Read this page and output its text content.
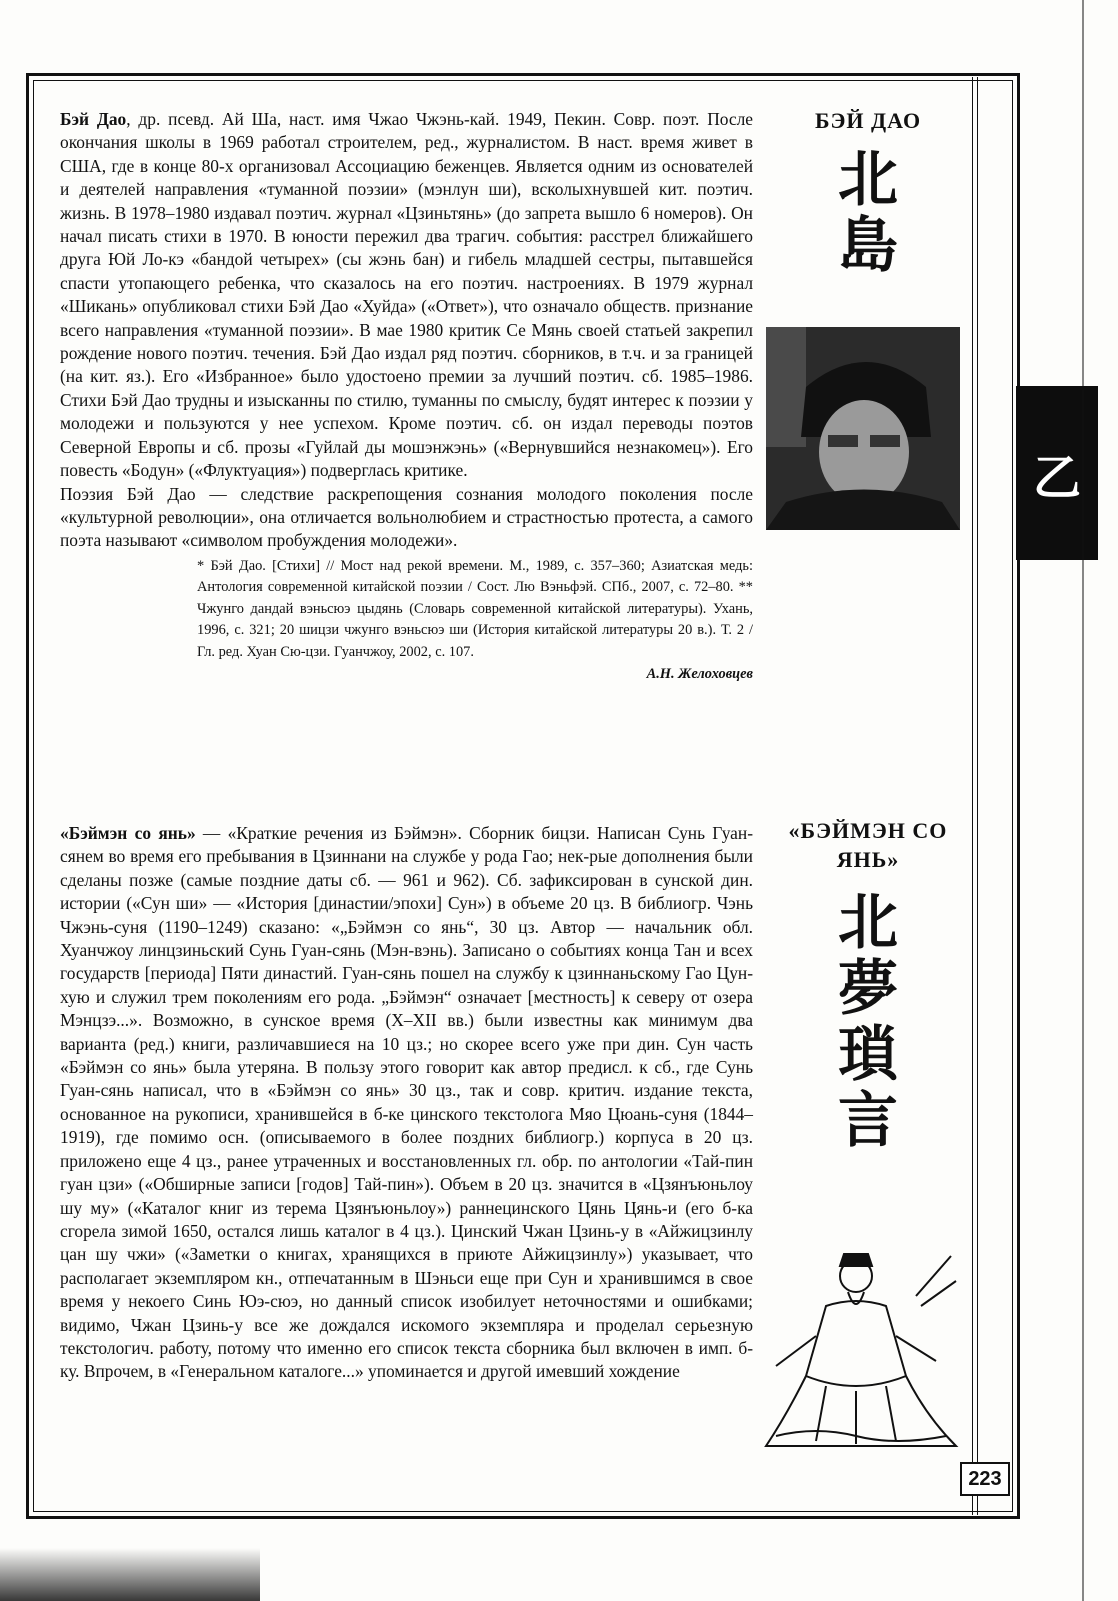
Бэй Дао, др. псевд. Ай Ша, наст. имя Чжао Чжэнь-кай. 1949, Пекин. Совр. поэт. После окончания школы в 1969 работал строителем, ред., журналистом. В наст. время живет в США, где в конце 80-х организовал Ассоциацию беженцев. Является одним из основателей и деятелей направления «туманной поэзии» (мэнлун ши), всколыхнувшей кит. поэтич. жизнь. В 1978–1980 издавал поэтич. журнал «Цзиньтянь» (до запрета вышло 6 номеров). Он начал писать стихи в 1970. В юности пережил два трагич. события: расстрел ближайшего друга Юй Ло-кэ «бандой четырех» (сы жэнь бан) и гибель младшей сестры, пытавшейся спасти утопающего ребенка, что сказалось на его поэтич. настроениях. В 1979 журнал «Шикань» опубликовал стихи Бэй Дао «Хуйда» («Ответ»), что означало обществ. признание всего направления «туманной поэзии». В мае 1980 критик Се Мянь своей статьей закрепил рождение нового поэтич. течения. Бэй Дао издал ряд поэтич. сборников, в т.ч. и за границей (на кит. яз.). Его «Избранное» было удостоено премии за лучший поэтич. сб. 1985–1986. Стихи Бэй Дао трудны и изысканны по стилю, туманны по смыслу, будят интерес к поэзии у молодежи и пользуются у нее успехом. Кроме поэтич. сб. он издал переводы поэтов Северной Европы и сб. прозы «Гуйлай ды мошэнжэнь» («Вернувшийся незнакомец»). Его повесть «Бодун» («Флуктуация») подверглась критике.

Поэзия Бэй Дао — следствие раскрепощения сознания молодого поколения после «культурной революции», она отличается вольнолюбием и страстностью протеста, а самого поэта называют «символом пробуждения молодежи».

* Бэй Дао. [Стихи] // Мост над рекой времени. М., 1989, с. 357–360; Азиатская медь: Антология современной китайской поэзии / Сост. Лю Вэньфэй. СПб., 2007, с. 72–80. ** Чжунго дандай вэньсюэ цыдянь (Словарь современной китайской литературы). Ухань, 1996, с. 321; 20 шицзи чжунго вэньсюэ ши (История китайской литературы 20 в.). Т. 2 / Гл. ред. Хуан Сю-цзи. Гуанчжоу, 2002, с. 107.
А.Н. Желоховцев
БЭЙ ДАО
北
島

«Бэймэн со янь» — «Краткие речения из Бэймэн». Сборник бицзи. Написан Сунь Гуан-сянем во время его пребывания в Цзиннани на службе у рода Гао; нек-рые дополнения были сделаны позже (самые поздние даты сб. — 961 и 962). Сб. зафиксирован в сунской дин. истории («Сун ши» — «История [династии/эпохи] Сун») в объеме 20 цз. В библиогр. Чэнь Чжэнь-суня (1190–1249) сказано: «„Бэймэн со янь“, 30 цз. Автор — начальник обл. Хуанчжоу линцзиньский Сунь Гуан-сянь (Мэн-вэнь). Записано о событиях конца Тан и всех государств [периода] Пяти династий. Гуан-сянь пошел на службу к цзиннаньскому Гао Цун-хую и служил трем поколениям его рода. „Бэймэн“ означает [местность] к северу от озера Мэнцзэ...». Возможно, в сунское время (X–XII вв.) были известны как минимум два варианта (ред.) книги, различавшиеся на 10 цз.; но скорее всего уже при дин. Сун часть «Бэймэн со янь» была утеряна. В пользу этого говорит как автор предисл. к сб., где Сунь Гуан-сянь написал, что в «Бэймэн со янь» 30 цз., так и совр. критич. издание текста, основанное на рукописи, хранившейся в б-ке цинского текстолога Мяо Цюань-суня (1844–1919), где помимо осн. (описываемого в более поздних библиогр.) корпуса в 20 цз. приложено еще 4 цз., ранее утраченных и восстановленных гл. обр. по антологии «Тай-пин гуан цзи» («Обширные записи [годов] Тай-пин»). Объем в 20 цз. значится в «Цзянъюньлоу шу му» («Каталог книг из терема Цзянъюньлоу») раннецинского Цянь Цянь-и (его б-ка сгорела зимой 1650, остался лишь каталог в 4 цз.). Цинский Чжан Цзинь-у в «Айжицзинлу цан шу чжи» («Заметки о книгах, хранящихся в приюте Айжицзинлу») указывает, что располагает экземпляром кн., отпечатанным в Шэньси еще при Сун и хранившимся в свое время у некоего Синь Юэ-сюэ, но данный список изобилует неточностями и ошибками; видимо, Чжан Цзинь-у все же дождался искомого экземпляра и проделал серьезную текстологич. работу, потому что именно его список текста сборника был включен в имп. б-ку. Впрочем, в «Генеральном каталоге...» упоминается и другой имевший хождение

«БЭЙМЭН СО ЯНЬ»
北
夢
瑣
言
乙
223
